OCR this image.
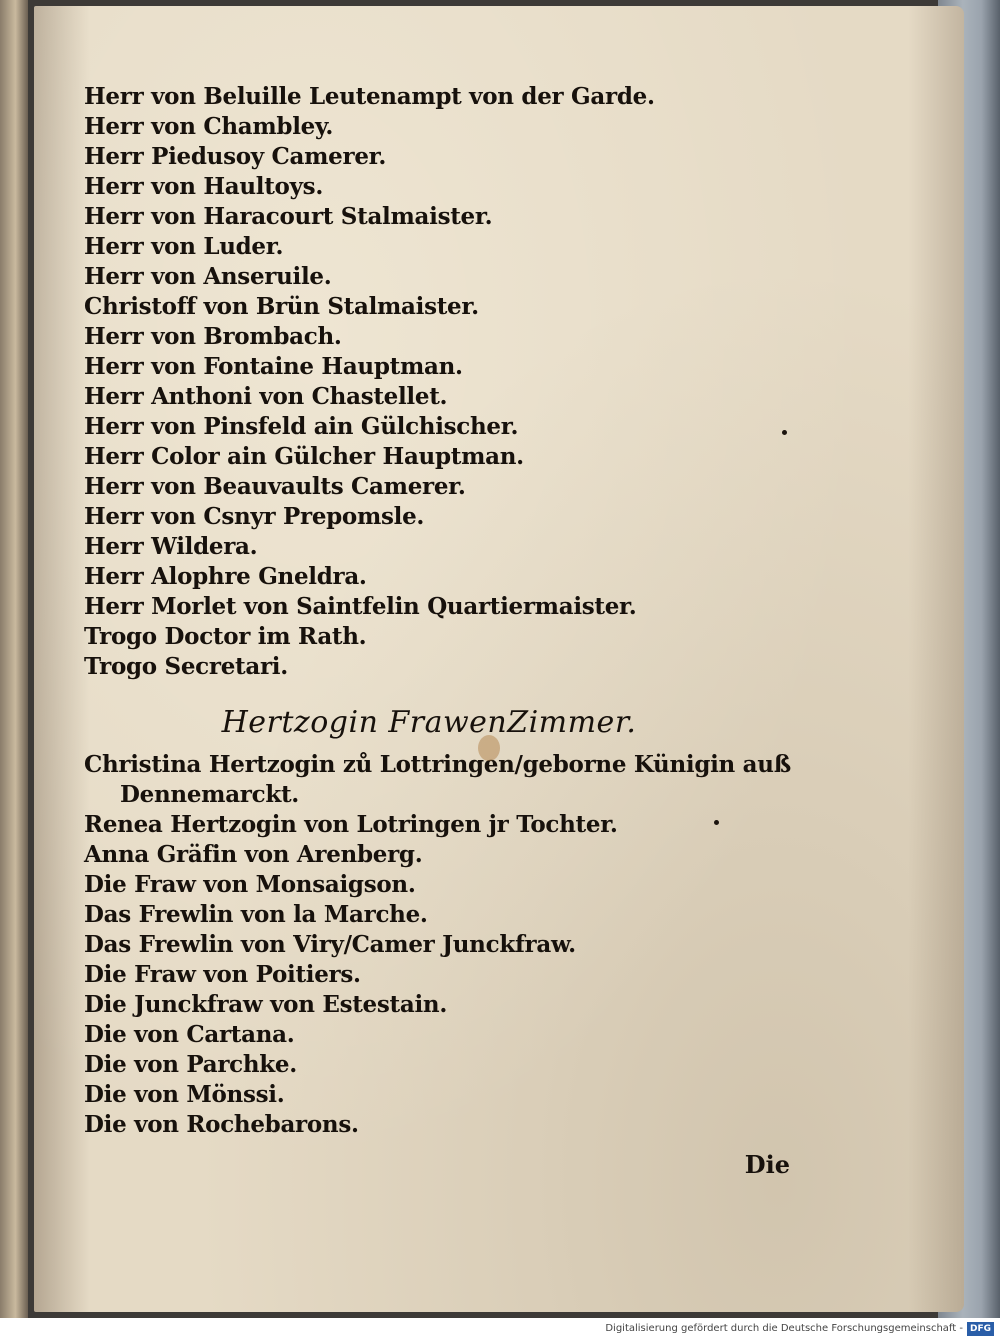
Herr von Beluille Leutenampt von der Garde.
Herr von Chambley.
Herr Piedusoy Camerer.
Herr von Haultoys.
Herr von Haracourt Stalmaister.
Herr von Luder.
Herr von Anseruile.
Christoff von Brün Stalmaister.
Herr von Brombach.
Herr von Fontaine Hauptman.
Herr Anthoni von Chastellet.
Herr von Pinsfeld ain Gülchischer.
Herr Color ain Gülcher Hauptman.
Herr von Beauvaults Camerer.
Herr von Csnyr Prepomsle.
Herr Wildera.
Herr Alophre Gneldra.
Herr Morlet von Saintfelin Quartiermaister.
Trogo Doctor im Rath.
Trogo Secretari.
Hertzogin FrawenZimmer.
Christina Hertzogin zů Lottringen/geborne Künigin auß
Dennemarckt.
Renea Hertzogin von Lotringen jr Tochter.
Anna Gräfin von Arenberg.
Die Fraw von Monsaigson.
Das Frewlin von la Marche.
Das Frewlin von Viry/Camer Junckfraw.
Die Fraw von Poitiers.
Die Junckfraw von Estestain.
Die von Cartana.
Die von Parchke.
Die von Mönssi.
Die von Rochebarons.
Die
Digitalisierung gefördert durch die Deutsche Forschungsgemeinschaft - DFG
